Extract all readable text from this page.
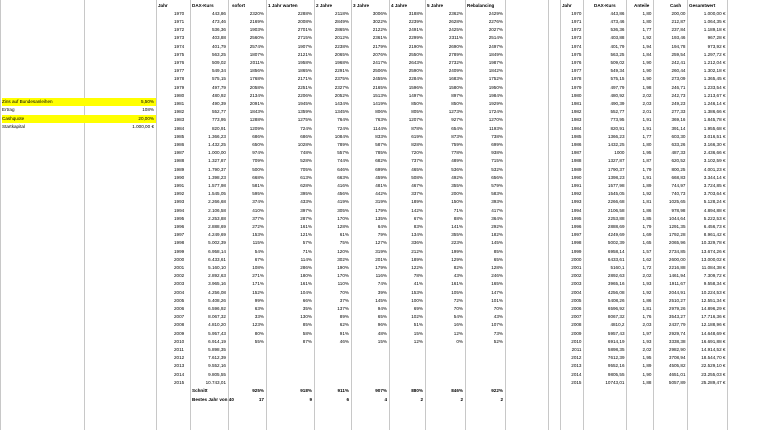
Zins auf Bundesanleihen	5,50%
Ertrag	108%
Cashquote	20,00%
Startkapital	1.000,00 €
Jahr	DAX-Kurs	sofort	1 Jahr warten	2 Jahre	3 Jahre	4 Jahre	5 Jahre	Rebalancing
1970	443,86	2320%	2288%	2118%	3006%	3188%	2362%	2429%
1971	473,46	2169%	2008%	2849%	3022%	2239%	2628%	2276%
1972	536,36	1903%	2701%	2865%	2122%	2491%	2425%	2027%
1973	403,88	2560%	2715%	2012%	2361%	2299%	2311%	2514%
1974	401,79	2574%	1907%	2238%	2179%	2190%	2690%	2497%
1975	563,25	1807%	2121%	2065%	2076%	2550%	2789%	1849%
1976	509,02	2011%	1958%	1968%	2417%	2643%	2732%	1987%
1977	549,34	1856%	1865%	2291%	2506%	2590%	2409%	1842%
1978	575,15	1768%	2171%	2375%	2455%	2284%	1683%	1752%
1979	497,79	2058%	2251%	2327%	2165%	1596%	1580%	1950%
1980	480,92	2134%	2206%	2052%	1513%	1497%	897%	1984%
1981	490,39	2091%	1945%	1434%	1419%	850%	850%	1929%
1982	552,77	1843%	1359%	1345%	806%	805%	1273%	1724%
1983	773,95	1288%	1275%	764%	763%	1207%	927%	1270%
1984	820,91	1209%	724%	724%	1144%	878%	654%	1193%
1985	1.366,23	686%	686%	1084%	833%	619%	873%	738%
1986	1.432,25	650%	1028%	789%	587%	828%	759%	699%
1987	1.000,00	974%	748%	557%	785%	720%	778%	938%
1988	1.327,87	709%	528%	744%	682%	737%	489%	715%
1989	1.790,37	500%	705%	646%	699%	465%	536%	532%
1990	1.398,23	668%	613%	663%	459%	508%	492%	656%
1991	1.577,98	581%	628%	416%	481%	467%	355%	579%
1992	1.545,05	595%	395%	456%	442%	337%	200%	583%
1993	2.266,68	374%	433%	419%	319%	189%	150%	393%
1994	2.106,58	410%	397%	305%	179%	142%	71%	417%
1995	2.253,88	377%	287%	170%	135%	67%	88%	364%
1996	2.888,69	272%	161%	128%	64%	83%	141%	292%
1997	4.249,69	153%	121%	61%	79%	134%	355%	182%
1998	5.002,39	115%	57%	75%	127%	336%	223%	145%
1999	6.958,14	54%	71%	120%	319%	212%	199%	85%
2000	6.433,61	67%	114%	302%	201%	189%	129%	65%
2001	5.160,10	108%	286%	190%	179%	122%	82%	128%
2002	2.892,63	271%	180%	170%	116%	78%	43%	246%
2003	3.965,16	171%	161%	110%	74%	41%	161%	165%
2004	4.256,08	152%	104%	70%	39%	153%	105%	147%
2005	5.408,26	99%	66%	37%	145%	100%	72%	101%
2006	6.596,92	63%	35%	137%	94%	69%	70%	70%
2007	8.067,32	33%	130%	89%	65%	102%	54%	43%
2008	4.810,20	123%	85%	62%	96%	51%	16%	107%
2009	5.957,43	80%	58%	91%	48%	15%	12%	73%
2010	6.914,19	55%	87%	46%	15%	12%	0%	52%
2011	5.898,35
2012	7.612,39
2013	9.552,16
2014	9.805,55
2015	10.743,01
Schnitt	925%	918%	911%	907%	880%	846%	922%
Bestes Jahr von 40	17	9	6	4	2	2	2
Jahr	DAX-Kurs	Anteile	Cash	Gesamtwert
1970	443,86	1,80	200,00	1.000,00 €
1971	473,46	1,80	212,87	1.064,35 €
1972	536,36	1,77	237,84	1.189,18 €
1973	403,88	1,92	193,46	967,28 €
1974	401,79	1,94	194,78	973,92 €
1975	563,25	1,84	259,54	1.297,72 €
1976	509,02	1,90	242,41	1.212,04 €
1977	549,34	1,90	260,44	1.302,18 €
1978	575,15	1,90	273,09	1.365,45 €
1979	497,79	1,98	246,71	1.233,54 €
1980	480,92	2,02	242,73	1.213,67 €
1981	490,39	2,03	249,23	1.246,14 €
1982	552,77	2,01	277,33	1.386,66 €
1983	773,95	1,91	369,16	1.845,78 €
1984	820,91	1,91	391,14	1.955,68 €
1985	1366,23	1,77	603,30	3.016,51 €
1986	1432,25	1,80	633,26	3.166,30 €
1987	1000	1,95	487,33	2.436,66 €
1988	1327,87	1,87	620,52	3.102,59 €
1989	1790,37	1,79	800,25	4.001,23 €
1990	1398,23	1,91	668,83	3.344,14 €
1991	1577,98	1,89	744,97	3.724,85 €
1992	1545,05	1,92	740,73	3.703,64 €
1993	2266,68	1,81	1025,65	5.128,24 €
1994	2106,58	1,86	978,98	4.894,88 €
1995	2253,88	1,85	1044,64	5.222,53 €
1996	2888,69	1,79	1291,35	6.456,73 €
1997	4249,69	1,69	1792,28	8.961,42 €
1998	5002,39	1,65	2065,96	10.329,78 €
1999	6958,14	1,57	2734,85	13.674,26 €
2000	6433,61	1,62	2600,00	13.000,02 €
2001	5160,1	1,72	2216,88	11.084,38 €
2002	2892,63	2,02	1461,94	7.309,72 €
2003	3965,16	1,93	1911,67	9.558,34 €
2004	4256,08	1,92	2044,91	10.224,53 €
2005	5408,26	1,86	2510,27	12.551,34 €
2006	6596,92	1,81	2979,26	14.896,29 €
2007	8067,32	1,76	3543,27	17.716,36 €
2008	4810,2	2,03	2437,79	12.188,96 €
2009	5957,43	1,97	2929,74	14.648,69 €
2010	6914,19	1,93	3338,38	16.691,88 €
2011	5898,35	2,02	2982,90	14.914,52 €
2012	7612,39	1,95	3708,94	18.544,70 €
2013	9552,16	1,89	4505,82	22.529,10 €
2014	9805,55	1,90	4651,01	23.255,03 €
2015	10743,01	1,88	5057,89	25.289,47 €
